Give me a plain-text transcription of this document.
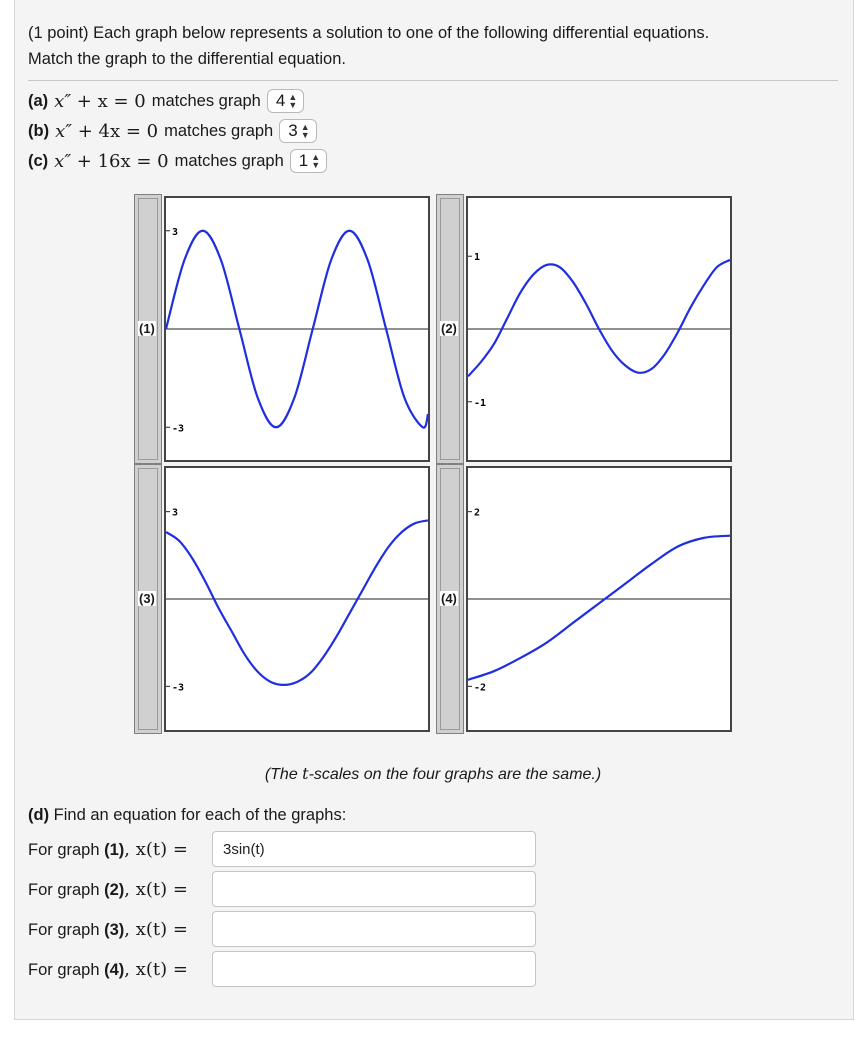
(1 point) Each graph below represents a solution to one of the following differential equations.
Match the graph to the differential equation.
(a) x″ + x = 0 matches graph 4 ▲
▼
(b) x″ + 4x = 0 matches graph 3 ▲
▼
(c) x″ + 16x = 0 matches graph 1 ▲
▼
3
-3
(1)
1
-1
(2)
3
-3
(3)
2
-2
(4)
(The t-scales on the four graphs are the same.)
(d) Find an equation for each of the graphs:
For graph (1), x(t) =
3sin(t)
For graph (2), x(t) =
For graph (3), x(t) =
For graph (4), x(t) =
